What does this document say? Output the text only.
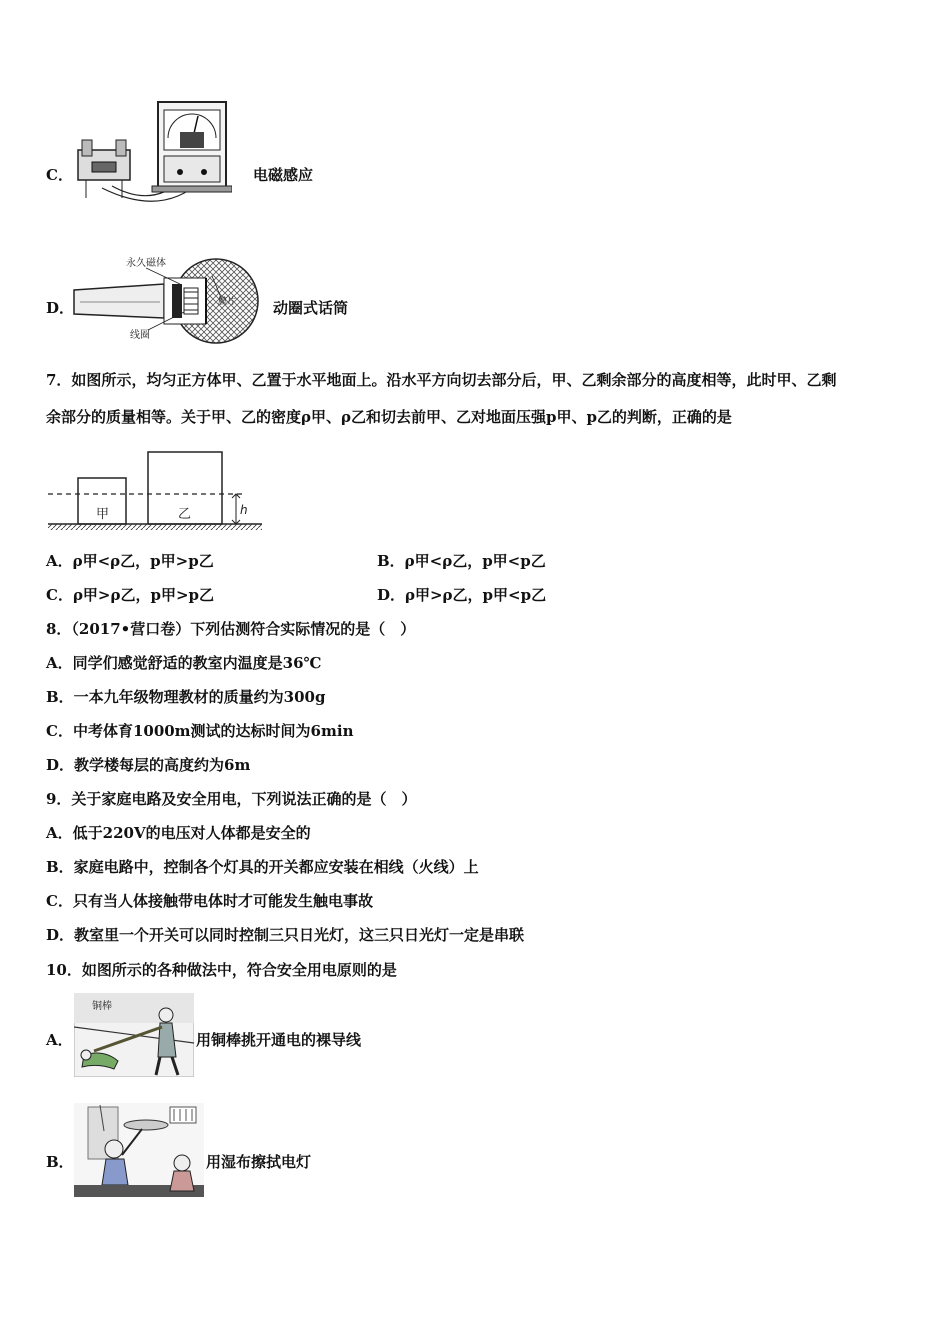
C．	电磁感应
D．
永久磁体
线圈
膜片 动圈式话筒
7．如图所示，均匀正方体甲、乙置于水平地面上。沿水平方向切去部分后，甲、乙剩余部分的高度相等，此时甲、乙剩
余部分的质量相等。关于甲、乙的密度ρ甲、ρ乙和切去前甲、乙对地面压强p甲、p乙的判断，正确的是
甲	乙	h
A．ρ甲<ρ乙，p甲>p乙	B．ρ甲<ρ乙，p甲<p乙
C．ρ甲>ρ乙，p甲>p乙	D．ρ甲>ρ乙，p甲<p乙
8．（2017•营口卷）下列估测符合实际情况的是（　）
A．同学们感觉舒适的教室内温度是36℃
B．一本九年级物理教材的质量约为300g
C．中考体育1000m测试的达标时间为6min
D．教学楼每层的高度约为6m
9．关于家庭电路及安全用电，下列说法正确的是（　）
A．低于220V的电压对人体都是安全的
B．家庭电路中，控制各个灯具的开关都应安装在相线（火线）上
C．只有当人体接触带电体时才可能发生触电事故
D．教室里一个开关可以同时控制三只日光灯，这三只日光灯一定是串联
10．如图所示的各种做法中，符合安全用电原则的是
A．
铜棒
用铜棒挑开通电的裸导线
B．	用湿布擦拭电灯
